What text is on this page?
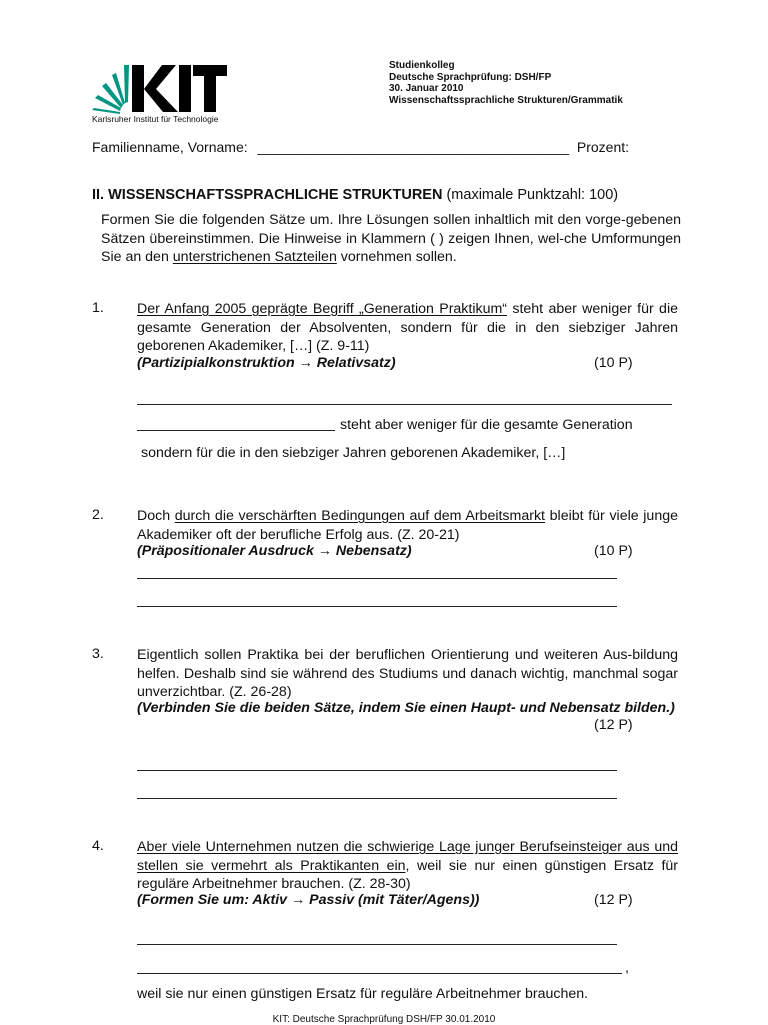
Karlsruher Institut für Technologie
Studienkolleg
Deutsche Sprachprüfung: DSH/FP
30. Januar 2010
Wissenschaftssprachliche Strukturen/Grammatik
Familienname, Vorname: ________________________________________ Prozent:
II. WISSENSCHAFTSSPRACHLICHE STRUKTUREN (maximale Punktzahl: 100)
Formen Sie die folgenden Sätze um. Ihre Lösungen sollen inhaltlich mit den vorge-gebenen Sätzen übereinstimmen. Die Hinweise in Klammern ( ) zeigen Ihnen, wel-che Umformungen Sie an den unterstrichenen Satzteilen vornehmen sollen.
1. Der Anfang 2005 geprägte Begriff „Generation Praktikum“ steht aber weniger für die gesamte Generation der Absolventen, sondern für die in den siebziger Jahren geborenen Akademiker, […] (Z. 9-11)
(Partizipialkonstruktion → Relativsatz)	(10 P)
steht aber weniger für die gesamte Generation
sondern für die in den siebziger Jahren geborenen Akademiker, […]
2. Doch durch die verschärften Bedingungen auf dem Arbeitsmarkt bleibt für viele junge Akademiker oft der berufliche Erfolg aus. (Z. 20-21)
(Präpositionaler Ausdruck → Nebensatz)	(10 P)
3. Eigentlich sollen Praktika bei der beruflichen Orientierung und weiteren Aus-bildung helfen. Deshalb sind sie während des Studiums und danach wichtig, manchmal sogar unverzichtbar. (Z. 26-28)
(Verbinden Sie die beiden Sätze, indem Sie einen Haupt- und Nebensatz bilden.)
(12 P)
4. Aber viele Unternehmen nutzen die schwierige Lage junger Berufseinsteiger aus und stellen sie vermehrt als Praktikanten ein, weil sie nur einen günstigen Ersatz für reguläre Arbeitnehmer brauchen. (Z. 28-30)
(Formen Sie um: Aktiv → Passiv (mit Täter/Agens))	(12 P)
,
weil sie nur einen günstigen Ersatz für reguläre Arbeitnehmer brauchen.
KIT: Deutsche Sprachprüfung DSH/FP 30.01.2010
